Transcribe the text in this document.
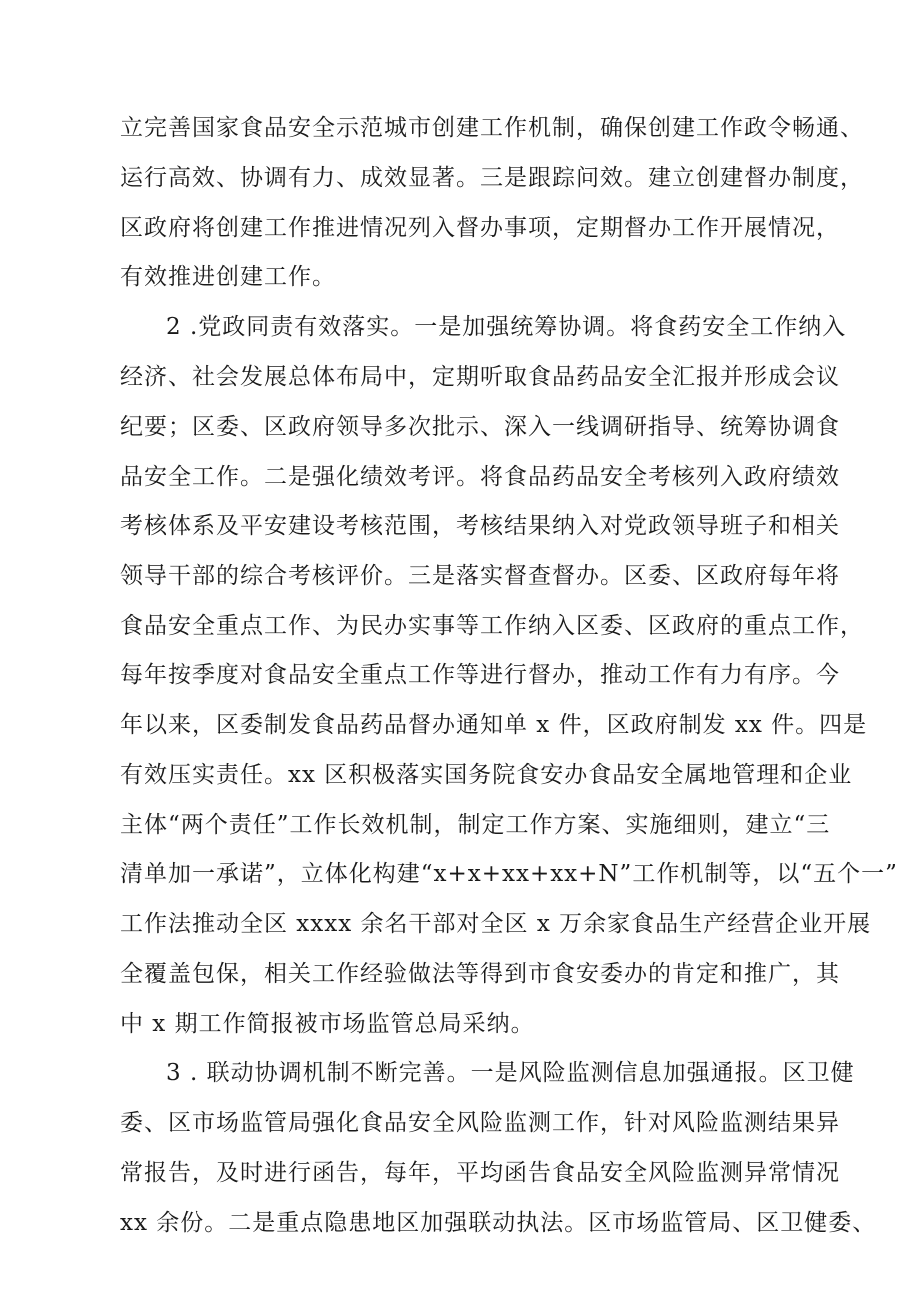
立完善国家食品安全示范城市创建工作机制，确保创建工作政令畅通、
运行高效、协调有力、成效显著。三是跟踪问效。建立创建督办制度，
区政府将创建工作推进情况列入督办事项，定期督办工作开展情况，
有效推进创建工作。
2 .党政同责有效落实。一是加强统筹协调。将食药安全工作纳入
经济、社会发展总体布局中，定期听取食品药品安全汇报并形成会议
纪要；区委、区政府领导多次批示、深入一线调研指导、统筹协调食
品安全工作。二是强化绩效考评。将食品药品安全考核列入政府绩效
考核体系及平安建设考核范围，考核结果纳入对党政领导班子和相关
领导干部的综合考核评价。三是落实督查督办。区委、区政府每年将
食品安全重点工作、为民办实事等工作纳入区委、区政府的重点工作，
每年按季度对食品安全重点工作等进行督办，推动工作有力有序。今
年以来，区委制发食品药品督办通知单 x 件，区政府制发 xx 件。四是
有效压实责任。xx 区积极落实国务院食安办食品安全属地管理和企业
主体“两个责任”工作长效机制，制定工作方案、实施细则，建立“三
清单加一承诺”，立体化构建“x+x+xx+xx+N”工作机制等，以“五个一”
工作法推动全区 xxxx 余名干部对全区 x 万余家食品生产经营企业开展
全覆盖包保，相关工作经验做法等得到市食安委办的肯定和推广，其
中 x 期工作简报被市场监管总局采纳。
3 . 联动协调机制不断完善。一是风险监测信息加强通报。区卫健
委、区市场监管局强化食品安全风险监测工作，针对风险监测结果异
常报告，及时进行函告，每年，平均函告食品安全风险监测异常情况
xx 余份。二是重点隐患地区加强联动执法。区市场监管局、区卫健委、
